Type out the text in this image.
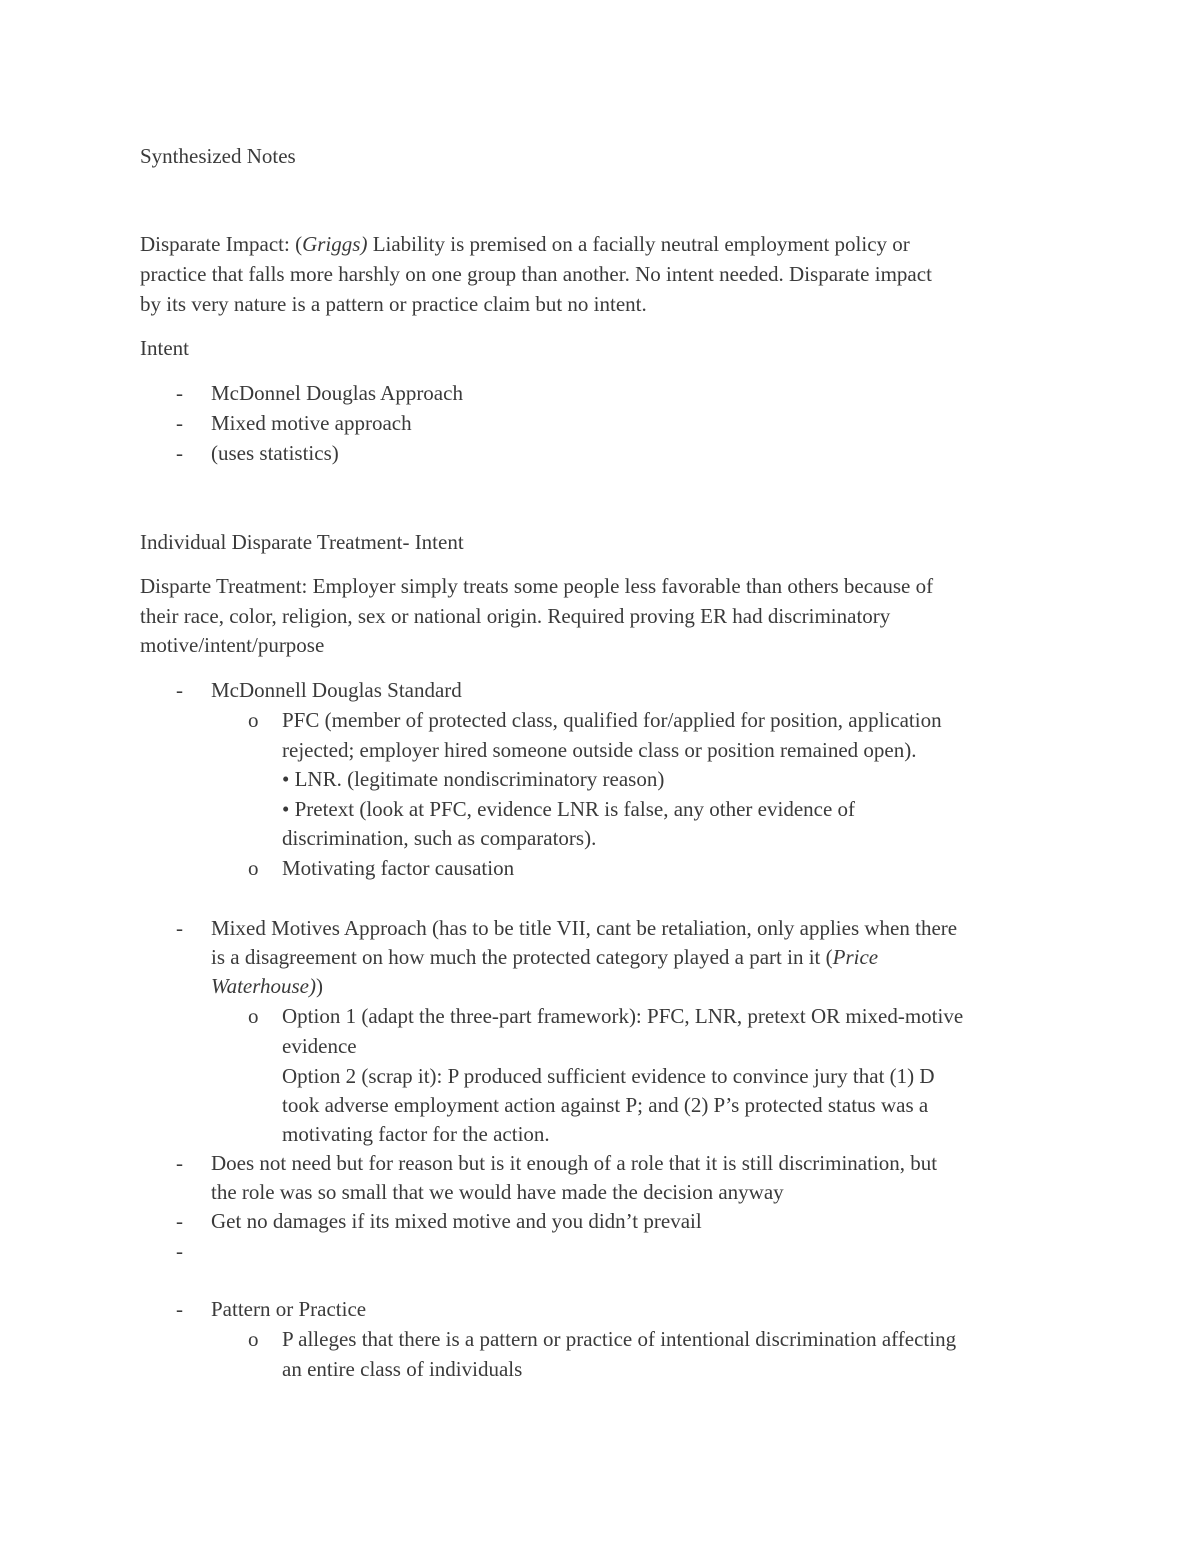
Synthesized Notes
Disparate Impact: (Griggs) Liability is premised on a facially neutral employment policy or
practice that falls more harshly on one group than another. No intent needed. Disparate impact
by its very nature is a pattern or practice claim but no intent.
Intent
- McDonnel Douglas Approach
- Mixed motive approach
- (uses statistics)
Individual Disparate Treatment- Intent
Disparte Treatment: Employer simply treats some people less favorable than others because of
their race, color, religion, sex or national origin. Required proving ER had discriminatory
motive/intent/purpose
- McDonnell Douglas Standard
o PFC (member of protected class, qualified for/applied for position, application
rejected; employer hired someone outside class or position remained open).
• LNR. (legitimate nondiscriminatory reason)
• Pretext (look at PFC, evidence LNR is false, any other evidence of
discrimination, such as comparators).
o Motivating factor causation
- Mixed Motives Approach (has to be title VII, cant be retaliation, only applies when there
is a disagreement on how much the protected category played a part in it (Price
Waterhouse))
o Option 1 (adapt the three-part framework): PFC, LNR, pretext OR mixed-motive
evidence
Option 2 (scrap it): P produced sufficient evidence to convince jury that (1) D
took adverse employment action against P; and (2) P’s protected status was a
motivating factor for the action.
- Does not need but for reason but is it enough of a role that it is still discrimination, but
the role was so small that we would have made the decision anyway
- Get no damages if its mixed motive and you didn’t prevail
-
- Pattern or Practice
o P alleges that there is a pattern or practice of intentional discrimination affecting
an entire class of individuals
